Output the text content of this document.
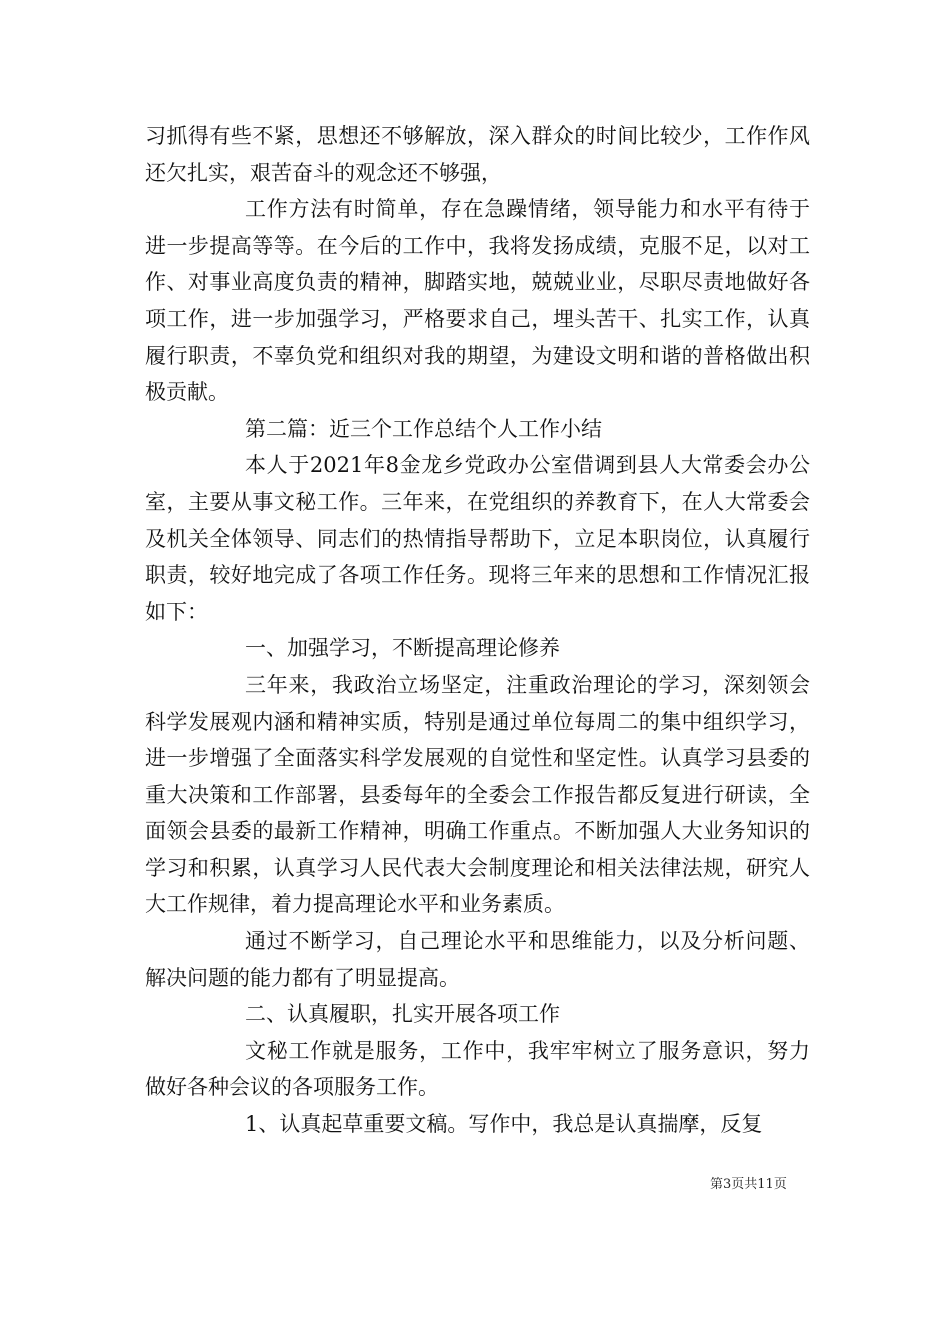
习抓得有些不紧，思想还不够解放，深入群众的时间比较少，工作作风还欠扎实，艰苦奋斗的观念还不够强，

工作方法有时简单，存在急躁情绪，领导能力和水平有待于进一步提高等等。在今后的工作中，我将发扬成绩，克服不足，以对工作、对事业高度负责的精神，脚踏实地，兢兢业业，尽职尽责地做好各项工作，进一步加强学习，严格要求自己，埋头苦干、扎实工作，认真履行职责，不辜负党和组织对我的期望，为建设文明和谐的普格做出积极贡献。

第二篇：近三个工作总结个人工作小结

本人于2021年8金龙乡党政办公室借调到县人大常委会办公室，主要从事文秘工作。三年来，在党组织的养教育下，在人大常委会及机关全体领导、同志们的热情指导帮助下，立足本职岗位，认真履行职责，较好地完成了各项工作任务。现将三年来的思想和工作情况汇报如下：

一、加强学习，不断提高理论修养

三年来，我政治立场坚定，注重政治理论的学习，深刻领会科学发展观内涵和精神实质，特别是通过单位每周二的集中组织学习，进一步增强了全面落实科学发展观的自觉性和坚定性。认真学习县委的重大决策和工作部署，县委每年的全委会工作报告都反复进行研读，全面领会县委的最新工作精神，明确工作重点。不断加强人大业务知识的学习和积累，认真学习人民代表大会制度理论和相关法律法规，研究人大工作规律，着力提高理论水平和业务素质。

通过不断学习，自己理论水平和思维能力，以及分析问题、解决问题的能力都有了明显提高。

二、认真履职，扎实开展各项工作

文秘工作就是服务，工作中，我牢牢树立了服务意识，努力做好各种会议的各项服务工作。

1、认真起草重要文稿。写作中，我总是认真揣摩，反复

第3页共11页
